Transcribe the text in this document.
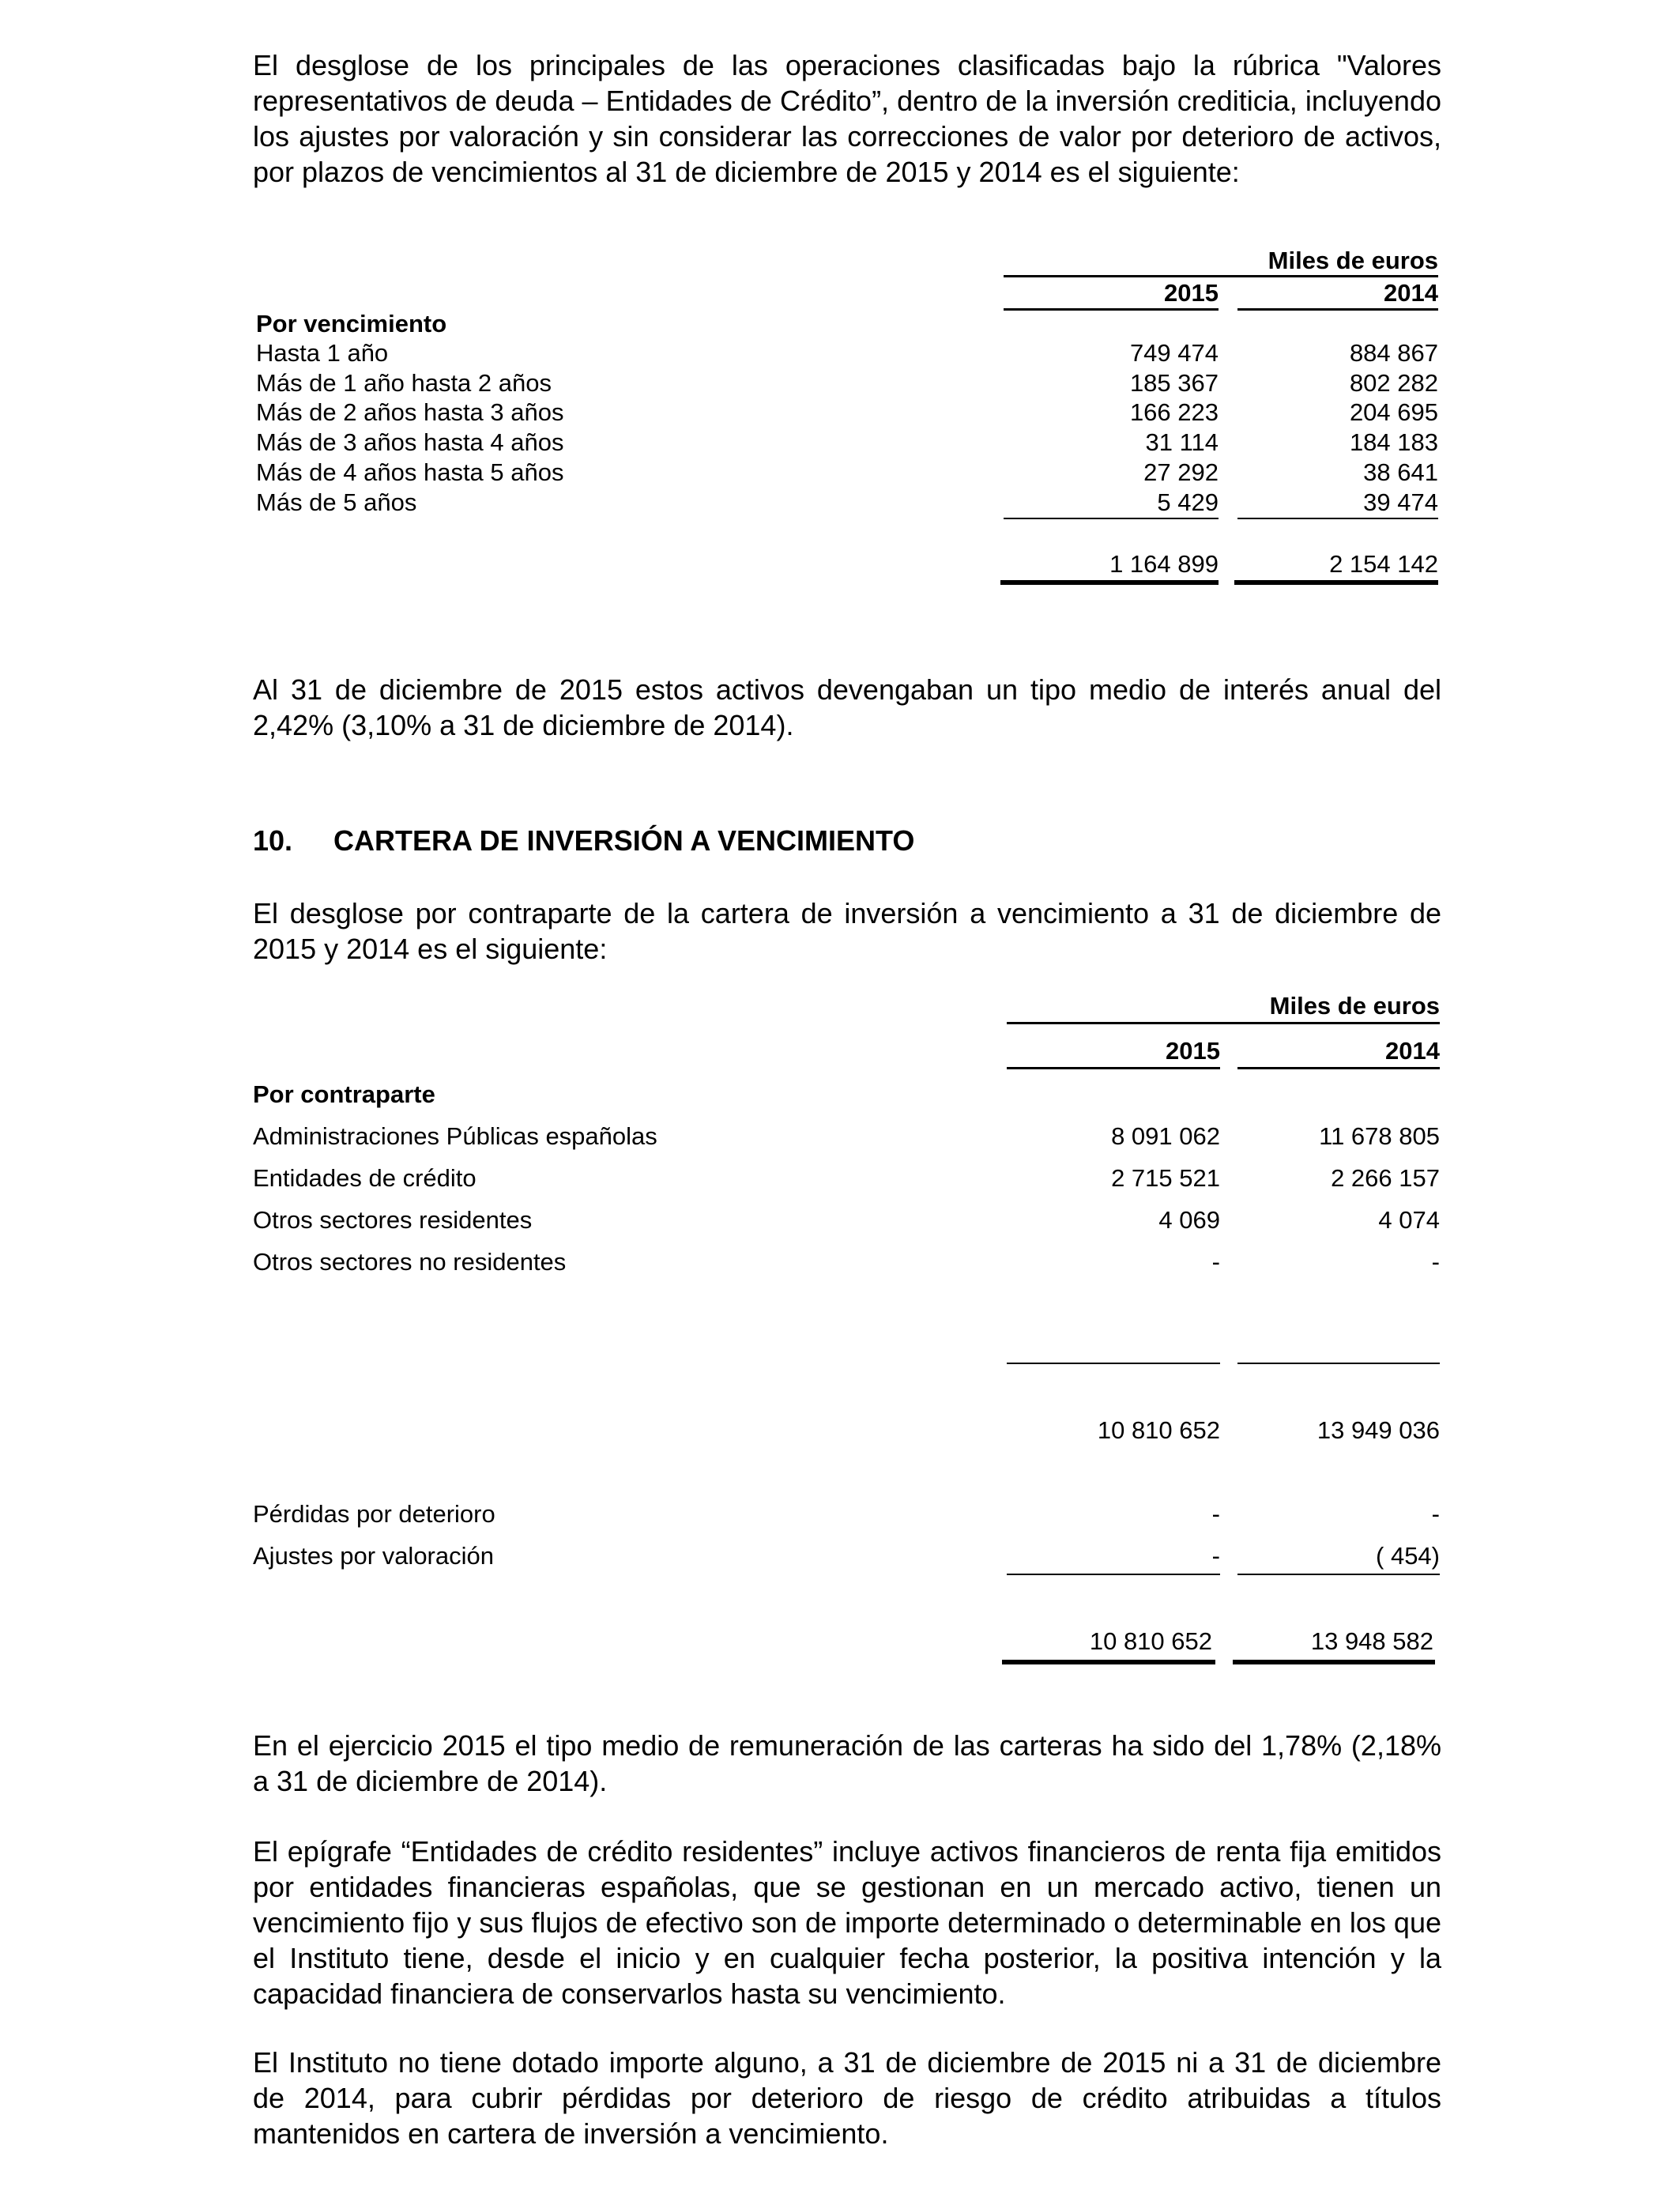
El desglose de los principales de las operaciones clasificadas bajo la rúbrica "Valores representativos de deuda – Entidades de Crédito”, dentro de la inversión crediticia, incluyendo los ajustes por valoración y sin considerar las correcciones de valor por deterioro de activos, por plazos de vencimientos al 31 de diciembre de 2015 y 2014 es el siguiente:

Miles de euros
2015	2014
Por vencimiento
Hasta 1 año	749 474	884 867
Más de 1 año hasta 2 años	185 367	802 282
Más de 2 años hasta 3 años	166 223	204 695
Más de 3 años hasta 4 años	31 114	184 183
Más de 4 años hasta 5 años	27 292	38 641
Más de 5 años	5 429	39 474
1 164 899	2 154 142

Al 31 de diciembre de 2015 estos activos devengaban un tipo medio de interés anual del 2,42% (3,10% a 31 de diciembre de 2014).

10. CARTERA DE INVERSIÓN A VENCIMIENTO

El desglose por contraparte de la cartera de inversión a vencimiento a 31 de diciembre de 2015 y 2014 es el siguiente:

Miles de euros
2015	2014
Por contraparte
Administraciones Públicas españolas	8 091 062	11 678 805
Entidades de crédito	2 715 521	2 266 157
Otros sectores residentes	4 069	4 074
Otros sectores no residentes	-	-
10 810 652	13 949 036
Pérdidas por deterioro	-	-
Ajustes por valoración	-	( 454)
10 810 652	13 948 582

En el ejercicio 2015 el tipo medio de remuneración de las carteras ha sido del 1,78% (2,18% a 31 de diciembre de 2014).

El epígrafe “Entidades de crédito residentes” incluye activos financieros de renta fija emitidos por entidades financieras españolas, que se gestionan en un mercado activo, tienen un vencimiento fijo y sus flujos de efectivo son de importe determinado o determinable en los que el Instituto tiene, desde el inicio y en cualquier fecha posterior, la positiva intención y la capacidad financiera de conservarlos hasta su vencimiento.

El Instituto no tiene dotado importe alguno, a 31 de diciembre de 2015 ni a 31 de diciembre de 2014, para cubrir pérdidas por deterioro de riesgo de crédito atribuidas a títulos mantenidos en cartera de inversión a vencimiento.
